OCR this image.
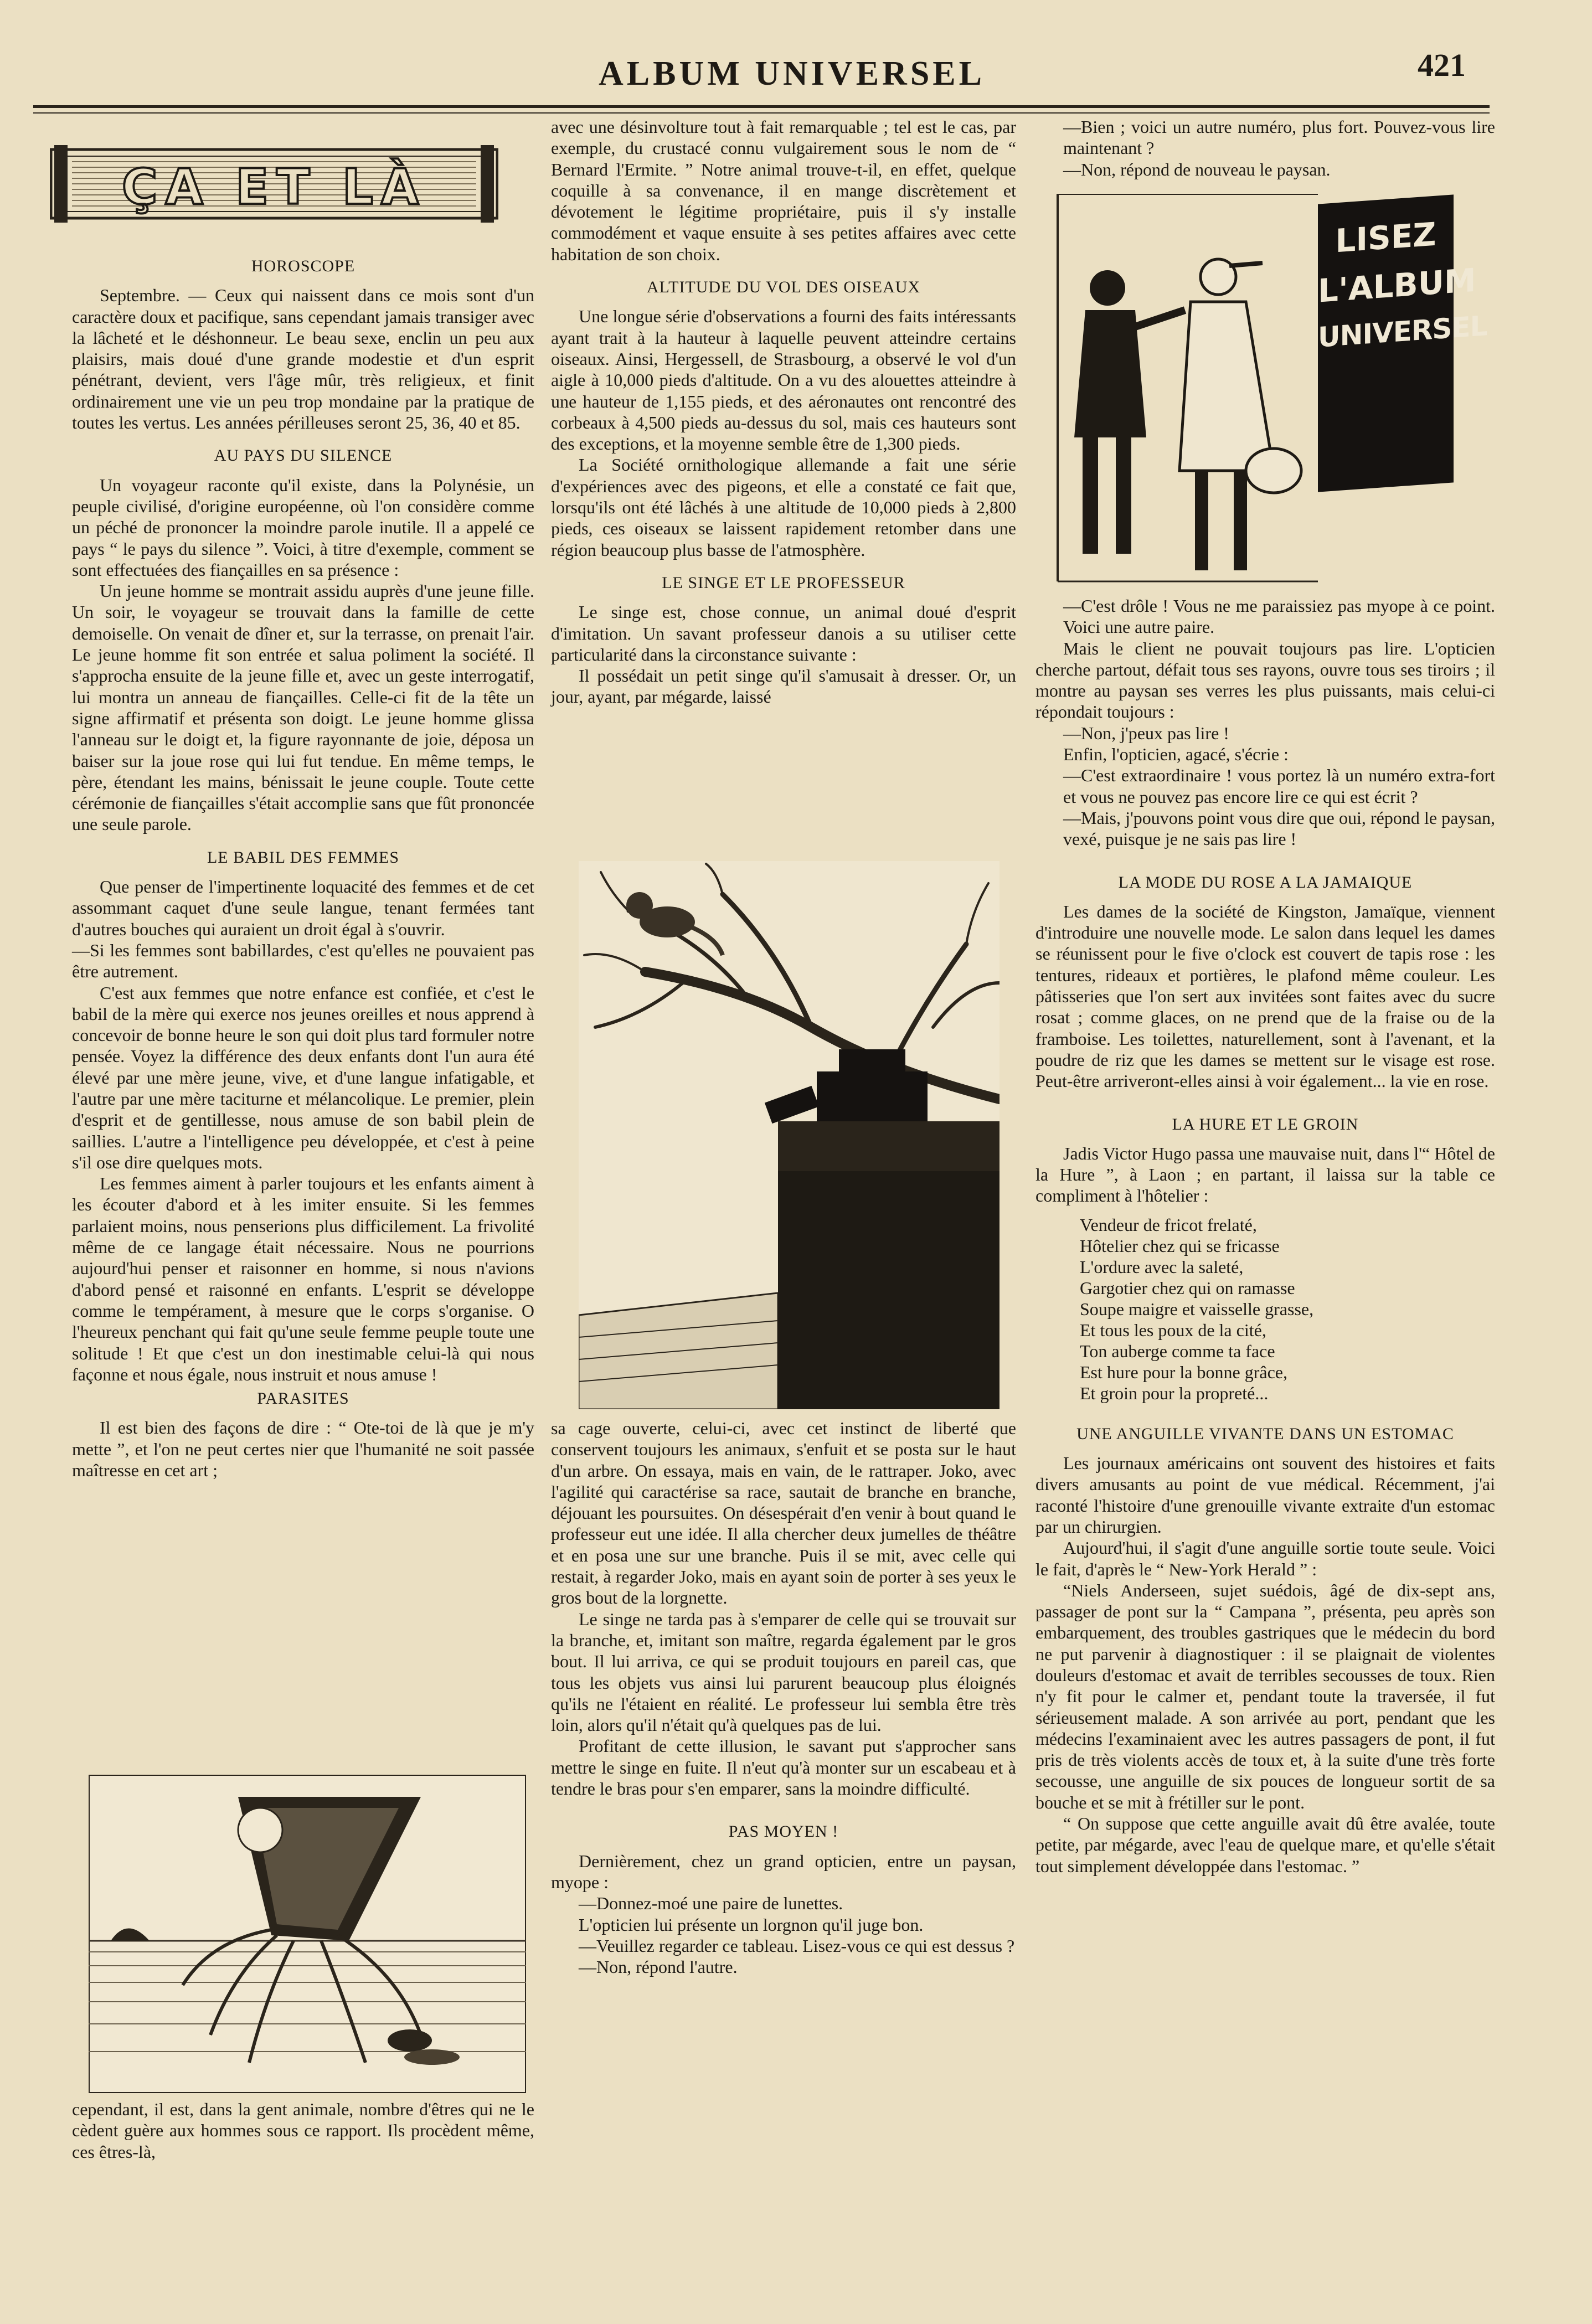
ALBUM UNIVERSEL	421
ÇA ET LÀ
HOROSCOPE

Septembre. — Ceux qui naissent dans ce mois sont d'un caractère doux et pacifique, sans cependant jamais transiger avec la lâcheté et le déshonneur. Le beau sexe, enclin un peu aux plaisirs, mais doué d'une grande modestie et d'un esprit pénétrant, devient, vers l'âge mûr, très religieux, et finit ordinairement une vie un peu trop mondaine par la pratique de toutes les vertus. Les années périlleuses seront 25, 36, 40 et 85.

AU PAYS DU SILENCE

Un voyageur raconte qu'il existe, dans la Polynésie, un peuple civilisé, d'origine européenne, où l'on considère comme un péché de prononcer la moindre parole inutile. Il a appelé ce pays “ le pays du silence ”. Voici, à titre d'exemple, comment se sont effectuées des fiançailles en sa présence :

Un jeune homme se montrait assidu auprès d'une jeune fille. Un soir, le voyageur se trouvait dans la famille de cette demoiselle. On venait de dîner et, sur la terrasse, on prenait l'air. Le jeune homme fit son entrée et salua poliment la société. Il s'approcha ensuite de la jeune fille et, avec un geste interrogatif, lui montra un anneau de fiançailles. Celle-ci fit de la tête un signe affirmatif et présenta son doigt. Le jeune homme glissa l'anneau sur le doigt et, la figure rayonnante de joie, déposa un baiser sur la joue rose qui lui fut tendue. En même temps, le père, étendant les mains, bénissait le jeune couple. Toute cette cérémonie de fiançailles s'était accomplie sans que fût prononcée une seule parole.

LE BABIL DES FEMMES

Que penser de l'impertinente loquacité des femmes et de cet assommant caquet d'une seule langue, tenant fermées tant d'autres bouches qui auraient un droit égal à s'ouvrir.

—Si les femmes sont babillardes, c'est qu'elles ne pouvaient pas être autrement.

C'est aux femmes que notre enfance est confiée, et c'est le babil de la mère qui exerce nos jeunes oreilles et nous apprend à concevoir de bonne heure le son qui doit plus tard formuler notre pensée. Voyez la différence des deux enfants dont l'un aura été élevé par une mère jeune, vive, et d'une langue infatigable, et l'autre par une mère taciturne et mélancolique. Le premier, plein d'esprit et de gentillesse, nous amuse de son babil plein de saillies. L'autre a l'intelligence peu développée, et c'est à peine s'il ose dire quelques mots.

Les femmes aiment à parler toujours et les enfants aiment à les écouter d'abord et à les imiter ensuite. Si les femmes parlaient moins, nous penserions plus difficilement. La frivolité même de ce langage était nécessaire. Nous ne pourrions aujourd'hui penser et raisonner en homme, si nous n'avions d'abord pensé et raisonné en enfants. L'esprit se développe comme le tempérament, à mesure que le corps s'organise. O l'heureux penchant qui fait qu'une seule femme peuple toute une solitude ! Et que c'est un don inestimable celui-là qui nous façonne et nous égale, nous instruit et nous amuse !

PARASITES

Il est bien des façons de dire : “ Ote-toi de là que je m'y mette ”, et l'on ne peut certes nier que l'humanité ne soit passée maîtresse en cet art ;

cependant, il est, dans la gent animale, nombre d'êtres qui ne le cèdent guère aux hommes sous ce rapport. Ils procèdent même, ces êtres-là,

avec une désinvolture tout à fait remarquable ; tel est le cas, par exemple, du crustacé connu vulgairement sous le nom de “ Bernard l'Ermite. ” Notre animal trouve-t-il, en effet, quelque coquille à sa convenance, il en mange discrètement et dévotement le légitime propriétaire, puis il s'y installe commodément et vaque ensuite à ses petites affaires avec cette habitation de son choix.

ALTITUDE DU VOL DES OISEAUX

Une longue série d'observations a fourni des faits intéressants ayant trait à la hauteur à laquelle peuvent atteindre certains oiseaux. Ainsi, Hergessell, de Strasbourg, a observé le vol d'un aigle à 10,000 pieds d'altitude. On a vu des alouettes atteindre à une hauteur de 1,155 pieds, et des aéronautes ont rencontré des corbeaux à 4,500 pieds au-dessus du sol, mais ces hauteurs sont des exceptions, et la moyenne semble être de 1,300 pieds.

La Société ornithologique allemande a fait une série d'expériences avec des pigeons, et elle a constaté ce fait que, lorsqu'ils ont été lâchés à une altitude de 10,000 pieds à 2,800 pieds, ces oiseaux se laissent rapidement retomber dans une région beaucoup plus basse de l'atmosphère.

LE SINGE ET LE PROFESSEUR

Le singe est, chose connue, un animal doué d'esprit d'imitation. Un savant professeur danois a su utiliser cette particularité dans la circonstance suivante :

Il possédait un petit singe qu'il s'amusait à dresser. Or, un jour, ayant, par mégarde, laissé

sa cage ouverte, celui-ci, avec cet instinct de liberté que conservent toujours les animaux, s'enfuit et se posta sur le haut d'un arbre. On essaya, mais en vain, de le rattraper. Joko, avec l'agilité qui caractérise sa race, sautait de branche en branche, déjouant les poursuites. On désespérait d'en venir à bout quand le professeur eut une idée. Il alla chercher deux jumelles de théâtre et en posa une sur une branche. Puis il se mit, avec celle qui restait, à regarder Joko, mais en ayant soin de porter à ses yeux le gros bout de la lorgnette.

Le singe ne tarda pas à s'emparer de celle qui se trouvait sur la branche, et, imitant son maître, regarda également par le gros bout. Il lui arriva, ce qui se produit toujours en pareil cas, que tous les objets vus ainsi lui parurent beaucoup plus éloignés qu'ils ne l'étaient en réalité. Le professeur lui sembla être très loin, alors qu'il n'était qu'à quelques pas de lui.

Profitant de cette illusion, le savant put s'approcher sans mettre le singe en fuite. Il n'eut qu'à monter sur un escabeau et à tendre le bras pour s'en emparer, sans la moindre difficulté.

PAS MOYEN !

Dernièrement, chez un grand opticien, entre un paysan, myope :

—Donnez-moé une paire de lunettes.

L'opticien lui présente un lorgnon qu'il juge bon.

—Veuillez regarder ce tableau. Lisez-vous ce qui est dessus ?

—Non, répond l'autre.

—Bien ; voici un autre numéro, plus fort. Pouvez-vous lire maintenant ?

—Non, répond de nouveau le paysan.

LISEZ
L'ALBUM
UNIVERSEL

—C'est drôle ! Vous ne me paraissiez pas myope à ce point. Voici une autre paire.

Mais le client ne pouvait toujours pas lire. L'opticien cherche partout, défait tous ses rayons, ouvre tous ses tiroirs ; il montre au paysan ses verres les plus puissants, mais celui-ci répondait toujours :

—Non, j'peux pas lire !

Enfin, l'opticien, agacé, s'écrie :

—C'est extraordinaire ! vous portez là un numéro extra-fort et vous ne pouvez pas encore lire ce qui est écrit ?

—Mais, j'pouvons point vous dire que oui, répond le paysan, vexé, puisque je ne sais pas lire !

LA MODE DU ROSE A LA JAMAIQUE

Les dames de la société de Kingston, Jamaïque, viennent d'introduire une nouvelle mode. Le salon dans lequel les dames se réunissent pour le five o'clock est couvert de tapis rose : les tentures, rideaux et portières, le plafond même couleur. Les pâtisseries que l'on sert aux invitées sont faites avec du sucre rosat ; comme glaces, on ne prend que de la fraise ou de la framboise. Les toilettes, naturellement, sont à l'avenant, et la poudre de riz que les dames se mettent sur le visage est rose. Peut-être arriveront-elles ainsi à voir également... la vie en rose.

LA HURE ET LE GROIN

Jadis Victor Hugo passa une mauvaise nuit, dans l'“ Hôtel de la Hure ”, à Laon ; en partant, il laissa sur la table ce compliment à l'hôtelier :

Vendeur de fricot frelaté,
Hôtelier chez qui se fricasse
L'ordure avec la saleté,
Gargotier chez qui on ramasse
Soupe maigre et vaisselle grasse,
Et tous les poux de la cité,
Ton auberge comme ta face
Est hure pour la bonne grâce,
Et groin pour la propreté...
UNE ANGUILLE VIVANTE DANS UN ESTOMAC

Les journaux américains ont souvent des histoires et faits divers amusants au point de vue médical. Récemment, j'ai raconté l'histoire d'une grenouille vivante extraite d'un estomac par un chirurgien.

Aujourd'hui, il s'agit d'une anguille sortie toute seule. Voici le fait, d'après le “ New-York Herald ” :

“Niels Anderseen, sujet suédois, âgé de dix-sept ans, passager de pont sur la “ Campana ”, présenta, peu après son embarquement, des troubles gastriques que le médecin du bord ne put parvenir à diagnostiquer : il se plaignait de violentes douleurs d'estomac et avait de terribles secousses de toux. Rien n'y fit pour le calmer et, pendant toute la traversée, il fut sérieusement malade. A son arrivée au port, pendant que les médecins l'examinaient avec les autres passagers de pont, il fut pris de très violents accès de toux et, à la suite d'une très forte secousse, une anguille de six pouces de longueur sortit de sa bouche et se mit à frétiller sur le pont.

“ On suppose que cette anguille avait dû être avalée, toute petite, par mégarde, avec l'eau de quelque mare, et qu'elle s'était tout simplement développée dans l'estomac. ”
